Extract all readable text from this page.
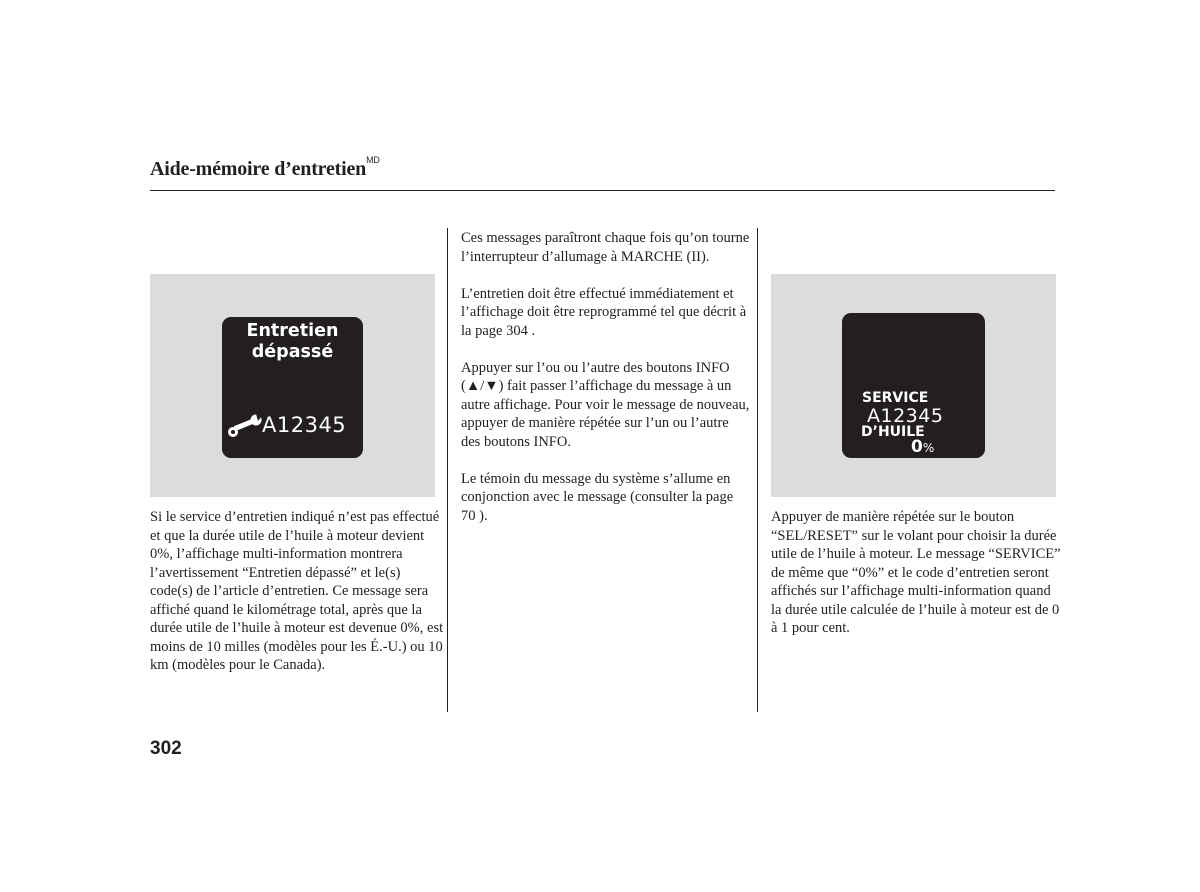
Aide-mémoire d’entretien$^{MD}$
Entretien
dépassé
A12345
SERVICE
A12345
D’HUILE
0%
Si le service d’entretien indiqué n’est pas effectué et que la durée utile de l’huile à moteur devient 0%, l’affichage multi-information montrera l’avertissement “Entretien dépassé” et le(s) code(s) de l’article d’entretien. Ce message sera affiché quand le kilométrage total, après que la durée utile de l’huile à moteur est devenue 0%, est moins de 10 milles (modèles pour les É.-U.) ou 10 km (modèles pour le Canada).

Ces messages paraîtront chaque fois qu’on tourne l’interrupteur d’allumage à MARCHE (II).

L’entretien doit être effectué immédiatement et l’affichage doit être reprogrammé tel que décrit à la page 304 .

Appuyer sur l’ou ou l’autre des boutons INFO (▲/▼) fait passer l’affichage du message à un autre affichage. Pour voir le message de nouveau, appuyer de manière répétée sur l’un ou l’autre des boutons INFO.

Le témoin du message du système s’allume en conjonction avec le message (consulter la page 70 ).	Appuyer de manière répétée sur le bouton “SEL/RESET” sur le volant pour choisir la durée utile de l’huile à moteur. Le message “SERVICE” de même que “0%” et le code d’entretien seront affichés sur l’affichage multi-information quand la durée utile calculée de l’huile à moteur est de 0 à 1 pour cent.
302
